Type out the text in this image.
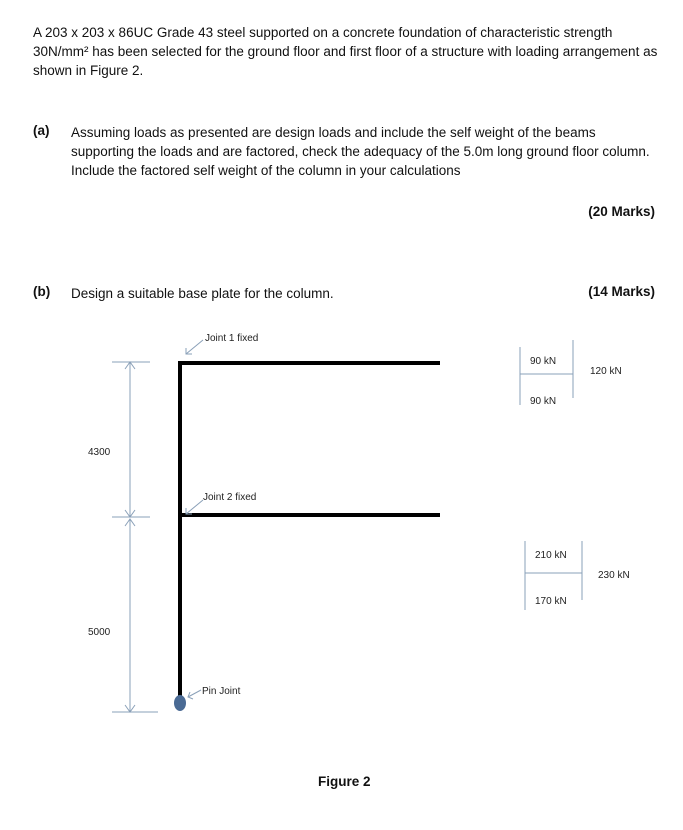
A 203 x 203 x 86UC Grade 43 steel supported on a concrete foundation of characteristic strength 30N/mm² has been selected for the ground floor and first floor of a structure with loading arrangement as shown in Figure 2.

(a) Assuming loads as presented are design loads and include the self weight of the beams supporting the loads and are factored, check the adequacy of the 5.0m long ground floor column. Include the factored self weight of the column in your calculations

(20 Marks)
(b) Design a suitable base plate for the column.	(14 Marks)
4300
5000
Joint 1 fixed
Joint 2 fixed
Pin Joint
90 kN
90 kN
120 kN
210 kN
170 kN
230 kN
Figure 2
